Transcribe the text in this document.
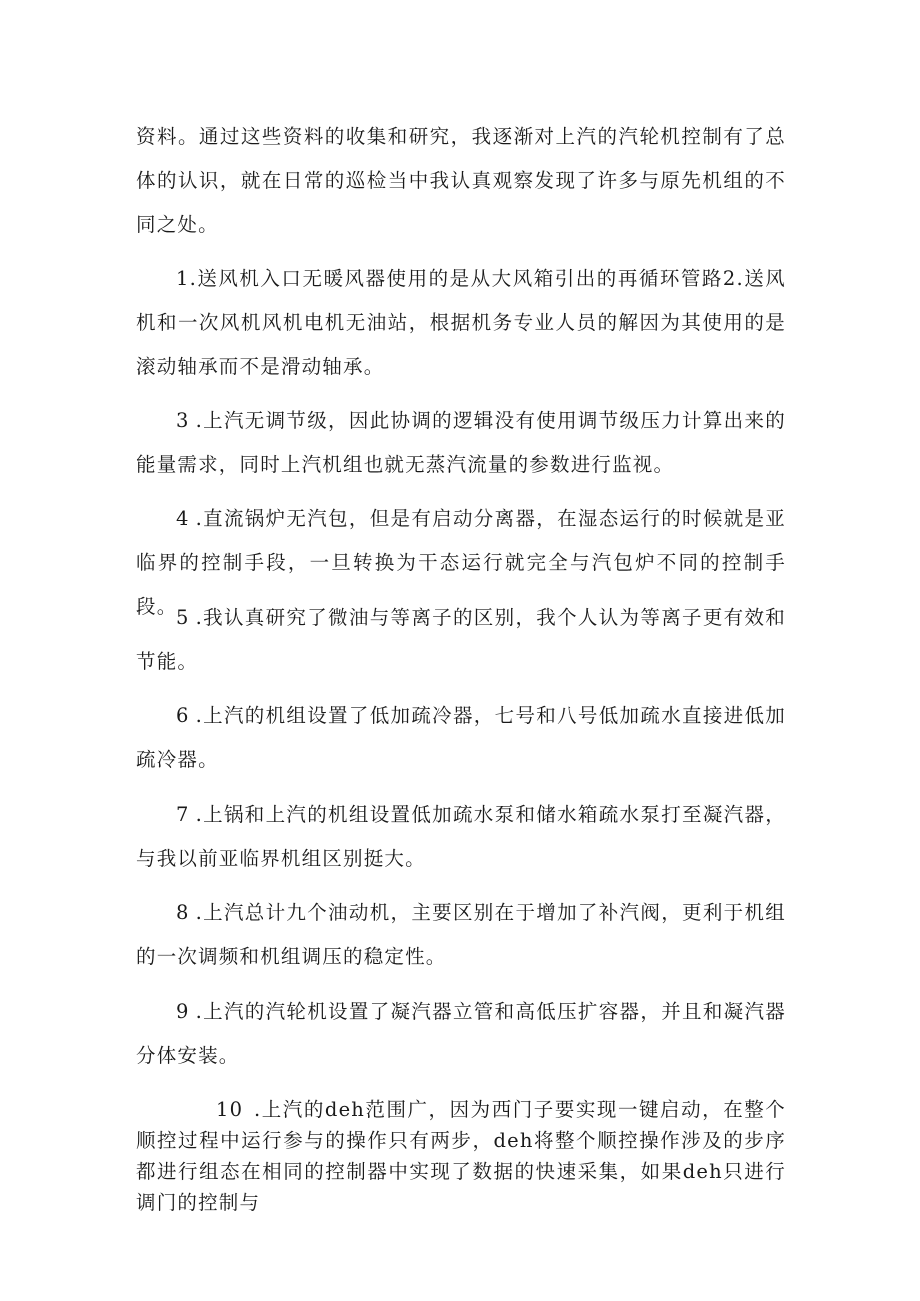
资料。通过这些资料的收集和研究，我逐渐对上汽的汽轮机控制有了总体的认识，就在日常的巡检当中我认真观察发现了许多与原先机组的不同之处。

1.送风机入口无暖风器使用的是从大风箱引出的再循环管路2.送风机和一次风机风机电机无油站，根据机务专业人员的解因为其使用的是滚动轴承而不是滑动轴承。

3 .上汽无调节级，因此协调的逻辑没有使用调节级压力计算出来的能量需求，同时上汽机组也就无蒸汽流量的参数进行监视。

4 .直流锅炉无汽包，但是有启动分离器，在湿态运行的时候就是亚临界的控制手段，一旦转换为干态运行就完全与汽包炉不同的控制手段。

5 .我认真研究了微油与等离子的区别，我个人认为等离子更有效和节能。

6 .上汽的机组设置了低加疏冷器，七号和八号低加疏水直接进低加疏冷器。

7 .上锅和上汽的机组设置低加疏水泵和储水箱疏水泵打至凝汽器，与我以前亚临界机组区别挺大。

8 .上汽总计九个油动机，主要区别在于增加了补汽阀，更利于机组的一次调频和机组调压的稳定性。

9 .上汽的汽轮机设置了凝汽器立管和高低压扩容器，并且和凝汽器分体安装。

10 .上汽的deh范围广，因为西门子要实现一键启动，在整个顺控过程中运行参与的操作只有两步，deh将整个顺控操作涉及的步序都进行组态在相同的控制器中实现了数据的快速采集，如果deh只进行调门的控制与
